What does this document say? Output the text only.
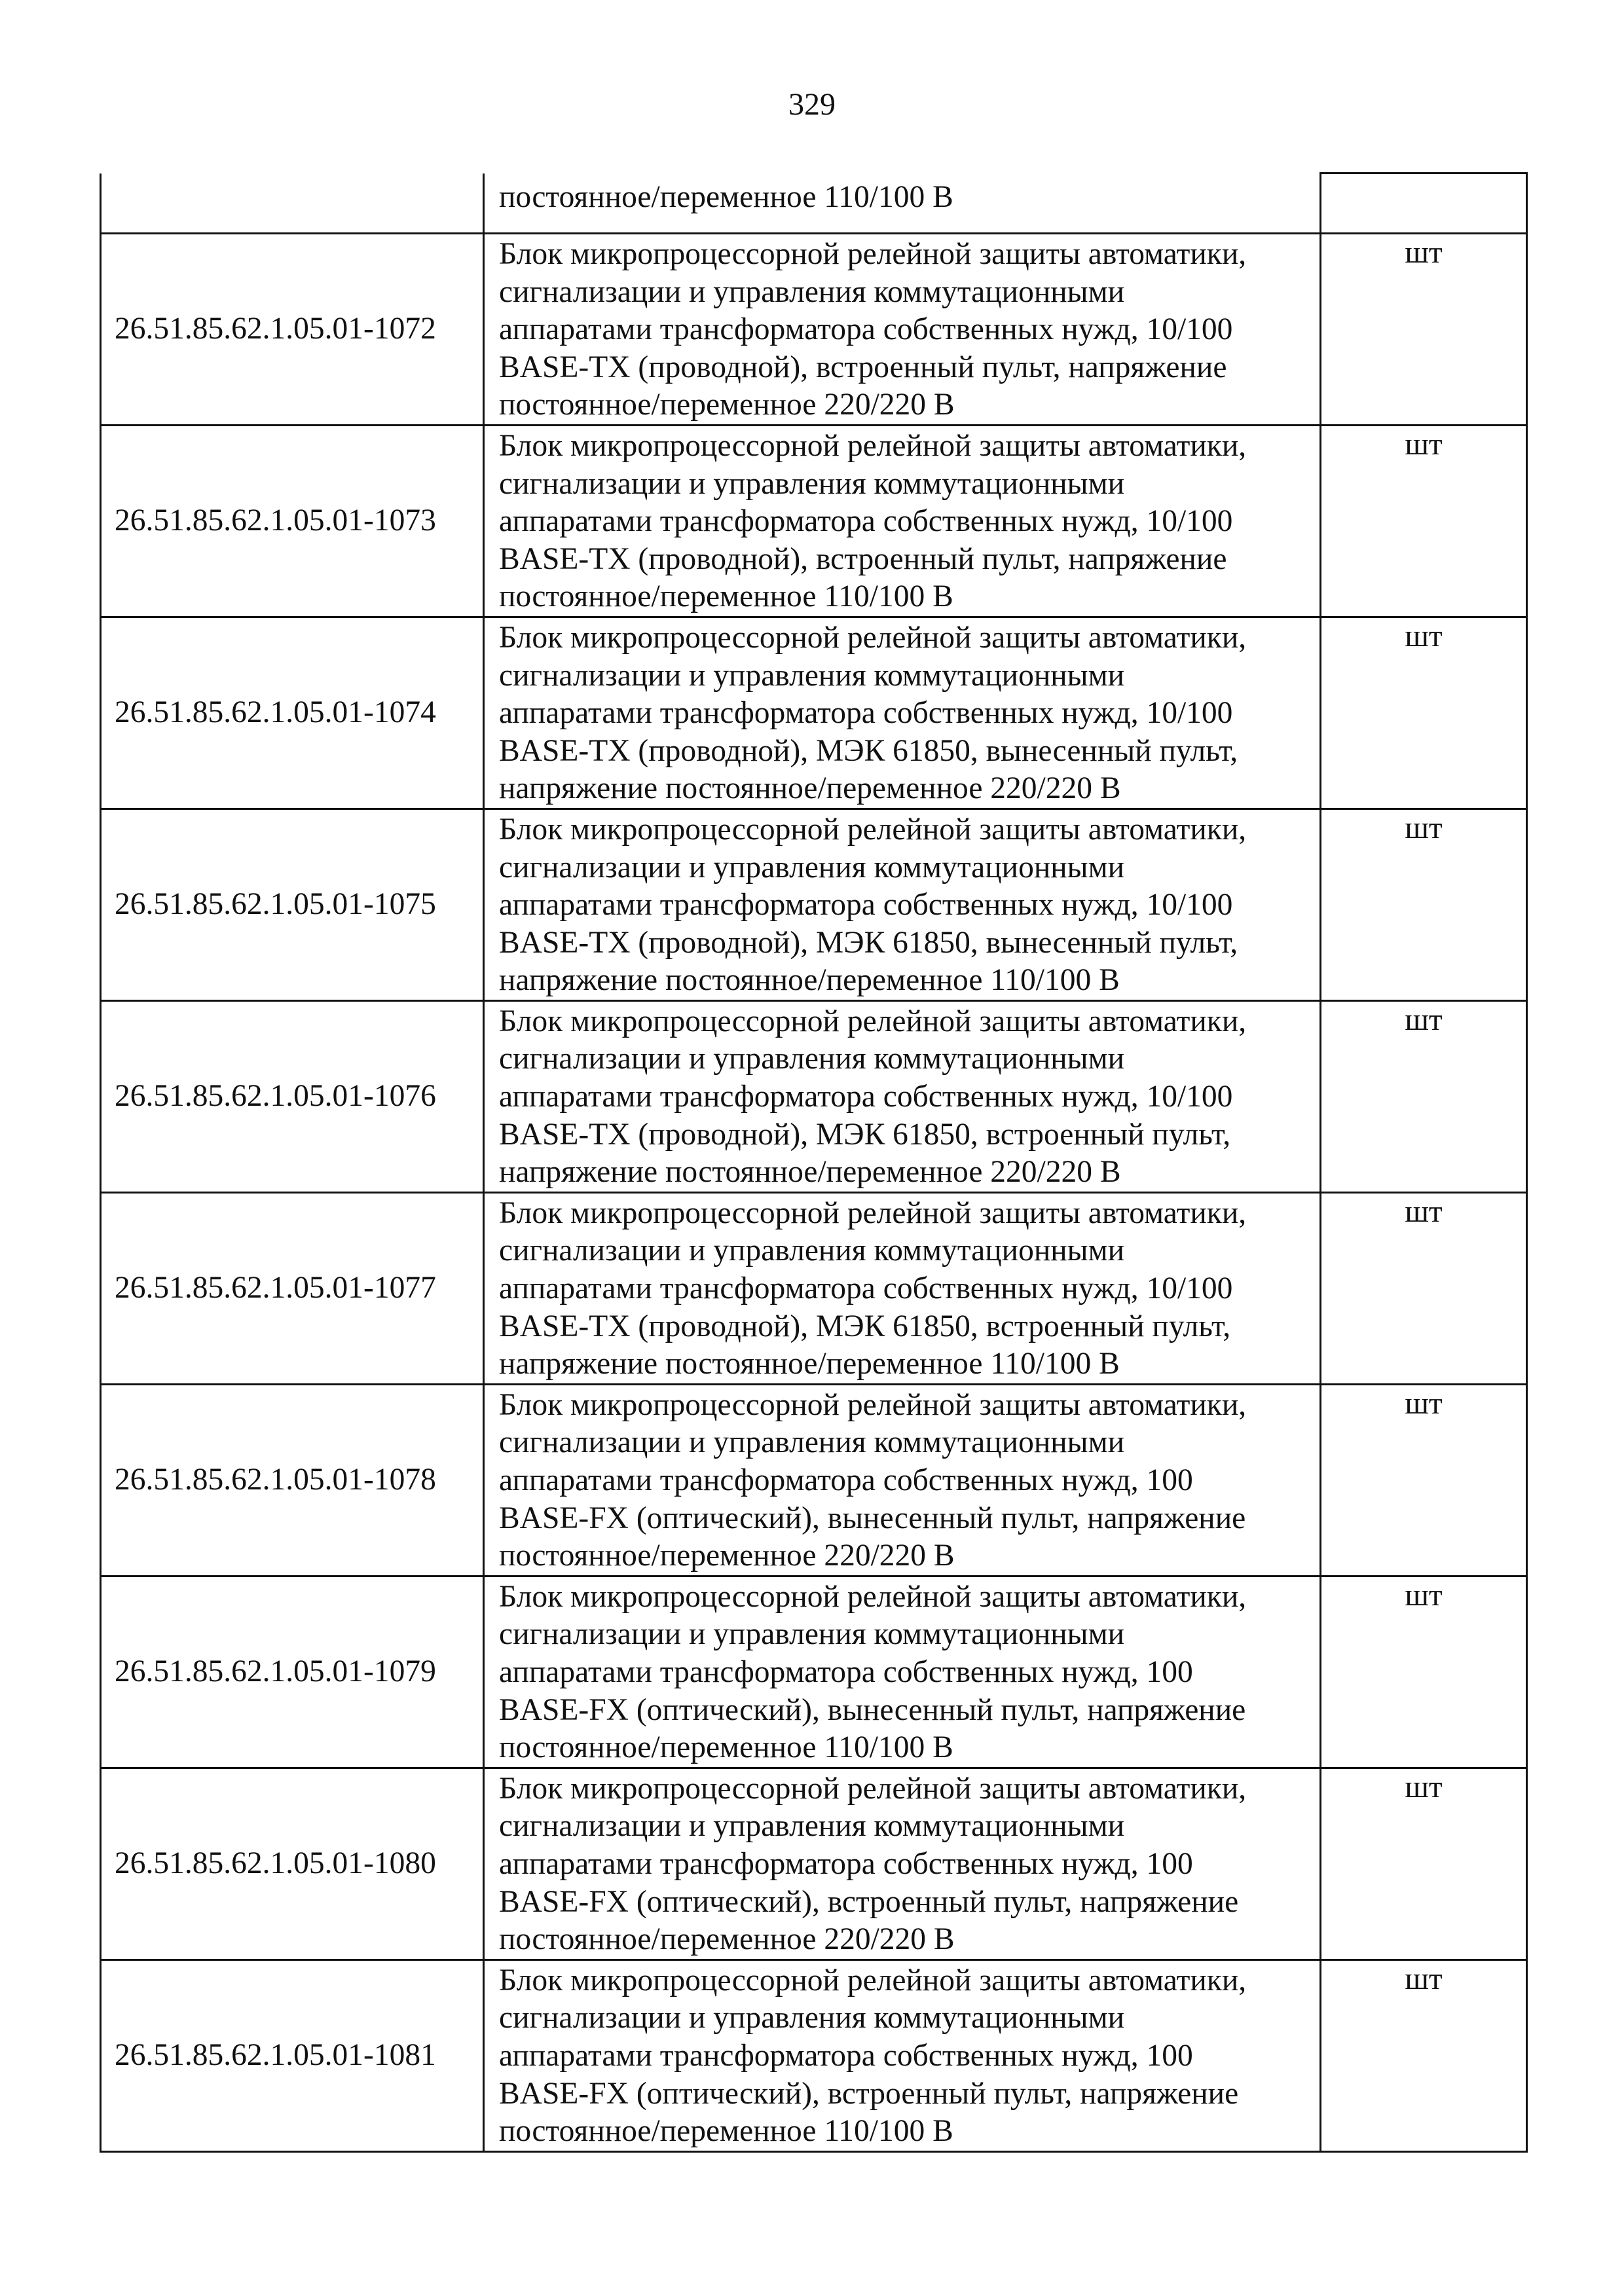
329

	постоянное/переменное 110/100 В	

26.51.85.62.1.05.01-1072	Блок микропроцессорной релейной защиты автоматики,
сигнализации и управления коммутационными
аппаратами трансформатора собственных нужд, 10/100
BASE-TX (проводной), встроенный пульт, напряжение
постоянное/переменное 220/220 В	шт
26.51.85.62.1.05.01-1073	Блок микропроцессорной релейной защиты автоматики,
сигнализации и управления коммутационными
аппаратами трансформатора собственных нужд, 10/100
BASE-TX (проводной), встроенный пульт, напряжение
постоянное/переменное 110/100 В	шт
26.51.85.62.1.05.01-1074	Блок микропроцессорной релейной защиты автоматики,
сигнализации и управления коммутационными
аппаратами трансформатора собственных нужд, 10/100
BASE-TX (проводной), МЭК 61850, вынесенный пульт,
напряжение постоянное/переменное 220/220 В	шт
26.51.85.62.1.05.01-1075	Блок микропроцессорной релейной защиты автоматики,
сигнализации и управления коммутационными
аппаратами трансформатора собственных нужд, 10/100
BASE-TX (проводной), МЭК 61850, вынесенный пульт,
напряжение постоянное/переменное 110/100 В	шт
26.51.85.62.1.05.01-1076	Блок микропроцессорной релейной защиты автоматики,
сигнализации и управления коммутационными
аппаратами трансформатора собственных нужд, 10/100
BASE-TX (проводной), МЭК 61850, встроенный пульт,
напряжение постоянное/переменное 220/220 В	шт
26.51.85.62.1.05.01-1077	Блок микропроцессорной релейной защиты автоматики,
сигнализации и управления коммутационными
аппаратами трансформатора собственных нужд, 10/100
BASE-TX (проводной), МЭК 61850, встроенный пульт,
напряжение постоянное/переменное 110/100 В	шт
26.51.85.62.1.05.01-1078	Блок микропроцессорной релейной защиты автоматики,
сигнализации и управления коммутационными
аппаратами трансформатора собственных нужд, 100
BASE-FX (оптический), вынесенный пульт, напряжение
постоянное/переменное 220/220 В	шт
26.51.85.62.1.05.01-1079	Блок микропроцессорной релейной защиты автоматики,
сигнализации и управления коммутационными
аппаратами трансформатора собственных нужд, 100
BASE-FX (оптический), вынесенный пульт, напряжение
постоянное/переменное 110/100 В	шт
26.51.85.62.1.05.01-1080	Блок микропроцессорной релейной защиты автоматики,
сигнализации и управления коммутационными
аппаратами трансформатора собственных нужд, 100
BASE-FX (оптический), встроенный пульт, напряжение
постоянное/переменное 220/220 В	шт
26.51.85.62.1.05.01-1081	Блок микропроцессорной релейной защиты автоматики,
сигнализации и управления коммутационными
аппаратами трансформатора собственных нужд, 100
BASE-FX (оптический), встроенный пульт, напряжение
постоянное/переменное 110/100 В	шт
